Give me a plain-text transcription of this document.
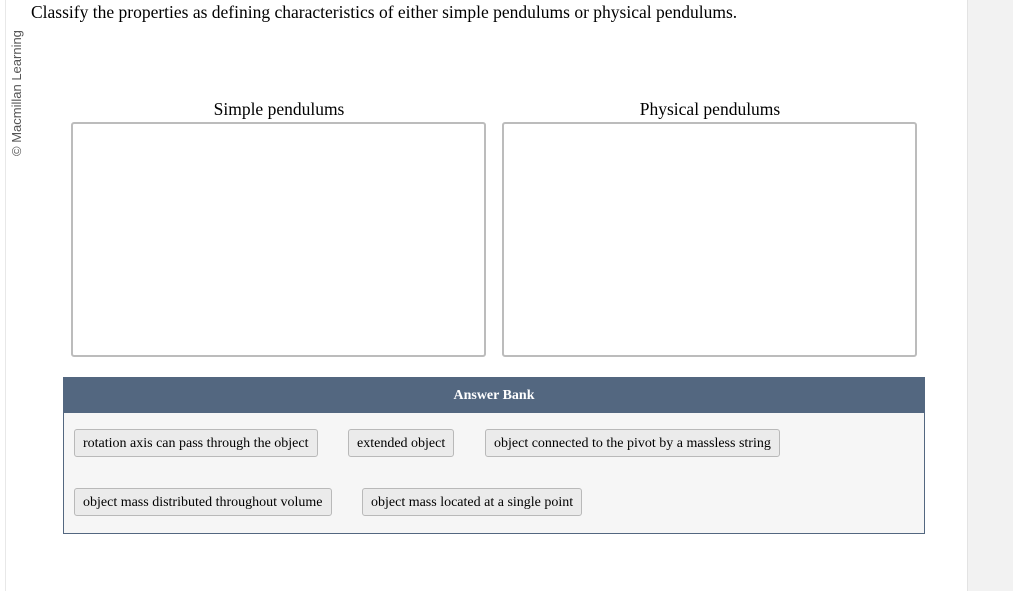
© Macmillan Learning
Classify the properties as defining characteristics of either simple pendulums or physical pendulums.
Simple pendulums	Physical pendulums
Answer Bank
rotation axis can pass through the object	extended object	object connected to the pivot by a massless string
object mass distributed throughout volume	object mass located at a single point
